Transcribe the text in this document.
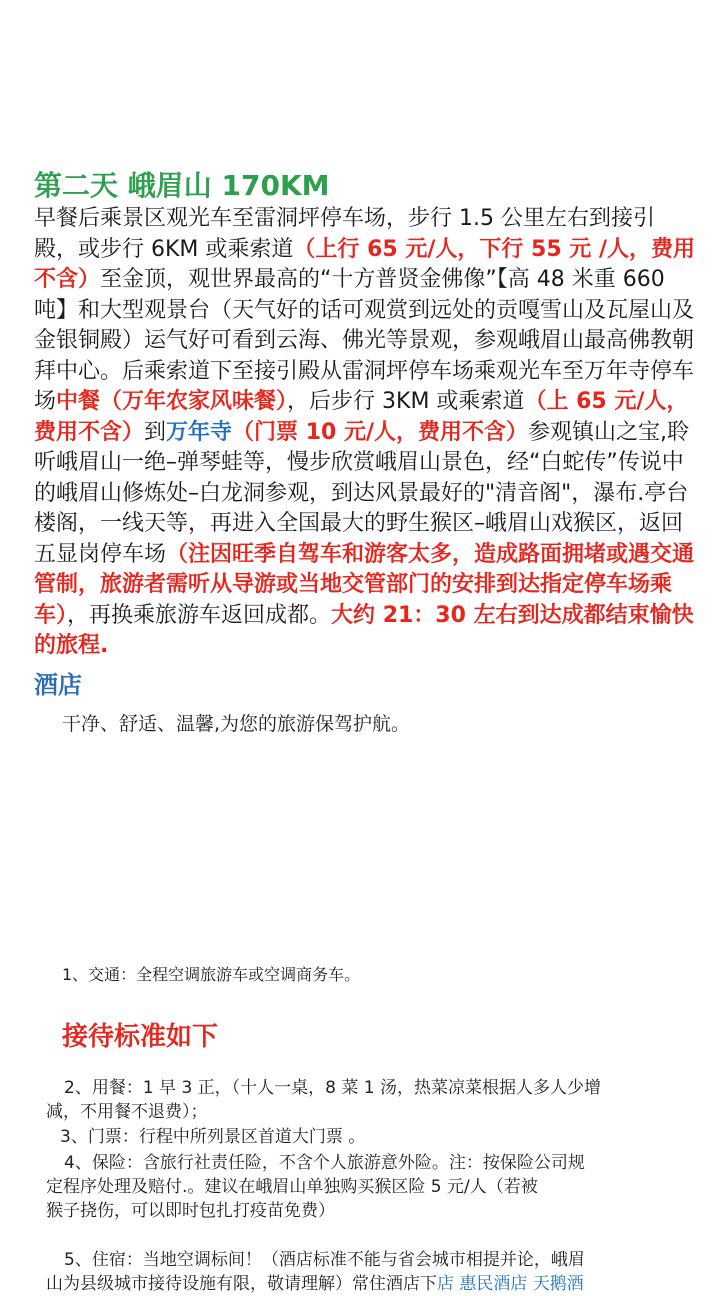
第二天 峨眉山 170KM
早餐后乘景区观光车至雷洞坪停车场，步行 1.5 公里左右到接引殿，或步行 6KM 或乘索道（上行 65 元/人，下行 55 元 /人，费用不含）至金顶，观世界最高的“十方普贤金佛像”【高 48 米重 660 吨】和大型观景台（天气好的话可观赏到远处的贡嘎雪山及瓦屋山及金银铜殿）运气好可看到云海、佛光等景观，参观峨眉山最高佛教朝拜中心。后乘索道下至接引殿从雷洞坪停车场乘观光车至万年寺停车场中餐（万年农家风味餐），后步行 3KM 或乘索道（上 65 元/人， 费用不含）到万年寺（门票 10 元/人，费用不含）参观镇山之宝,聆听峨眉山一绝–弹琴蛙等，慢步欣赏峨眉山景色，经“白蛇传”传说中的峨眉山修炼处–白龙洞参观，到达风景最好的"清音阁"，瀑布.亭台楼阁，一线天等，再进入全国最大的野生猴区–峨眉山戏猴区，返回五显岗停车场（注因旺季自驾车和游客太多，造成路面拥堵或遇交通管制，旅游者需听从导游或当地交管部门的安排到达指定停车场乘车），再换乘旅游车返回成都。大约 21：30 左右到达成都结束愉快的旅程.
酒店
干净、舒适、温馨,为您的旅游保驾护航。
1、交通：全程空调旅游车或空调商务车。
接待标准如下
2、用餐：1 早 3 正，（十人一桌，8 菜 1 汤，热菜凉菜根据人多人少增
减，不用餐不退费）；
3、门票：行程中所列景区首道大门票 。
4、保险：含旅行社责任险，不含个人旅游意外险。注：按保险公司规
定程序处理及赔付.。建议在峨眉山单独购买猴区险 5 元/人（若被
猴子挠伤，可以即时包扎打疫苗免费）
5、住宿：当地空调标间！（酒店标准不能与省会城市相提并论，峨眉
山为县级城市接待设施有限，敬请理解）常住酒店下店 惠民酒店 天鹅酒
